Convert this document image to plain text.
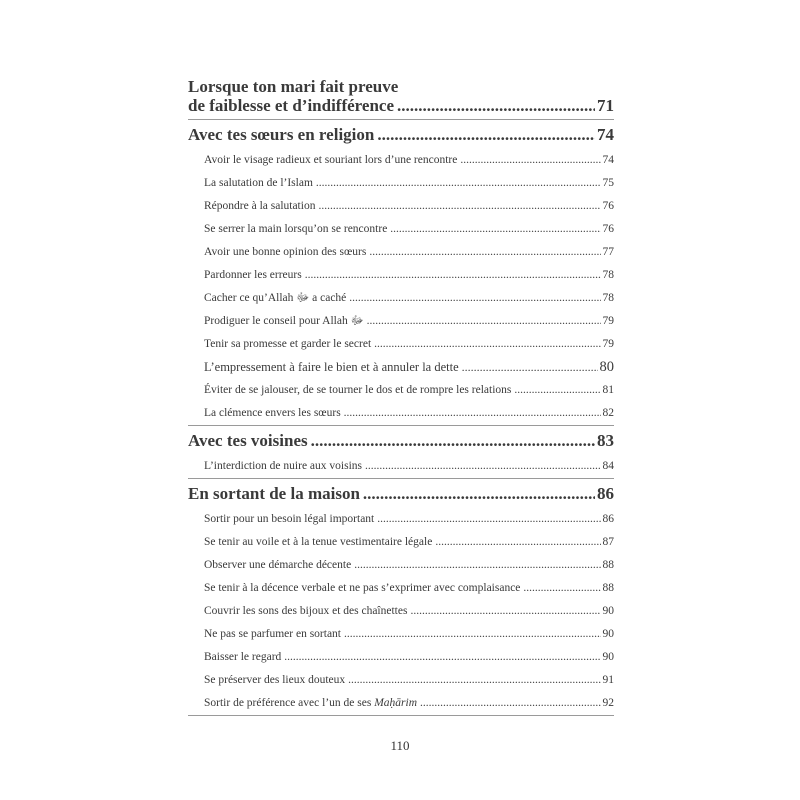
Lorsque ton mari fait preuve
de faiblesse et d’indifférence .....	71
Avec tes sœurs en religion .....	74
Avoir le visage radieux et souriant lors d’une rencontre .....	74
La salutation de l’Islam .....	75
Répondre à la salutation .....	76
Se serrer la main lorsqu’on se rencontre .....	76
Avoir une bonne opinion des sœurs .....	77
Pardonner les erreurs .....	78
Cacher ce qu’Allah ﷻ a caché .....	78
Prodiguer le conseil pour Allah ﷻ .....	79
Tenir sa promesse et garder le secret .....	79
L’empressement à faire le bien et à annuler la dette .....	80
Éviter de se jalouser, de se tourner le dos et de rompre les relations .....	81
La clémence envers les sœurs .....	82
Avec tes voisines .....	83
L’interdiction de nuire aux voisins .....	84
En sortant de la maison .....	86
Sortir pour un besoin légal important .....	86
Se tenir au voile et à la tenue vestimentaire légale .....	87
Observer une démarche décente .....	88
Se tenir à la décence verbale et ne pas s’exprimer avec complaisance .....	88
Couvrir les sons des bijoux et des chaînettes .....	90
Ne pas se parfumer en sortant .....	90
Baisser le regard .....	90
Se préserver des lieux douteux .....	91
Sortir de préférence avec l’un de ses Maḥārim .....	92
110
